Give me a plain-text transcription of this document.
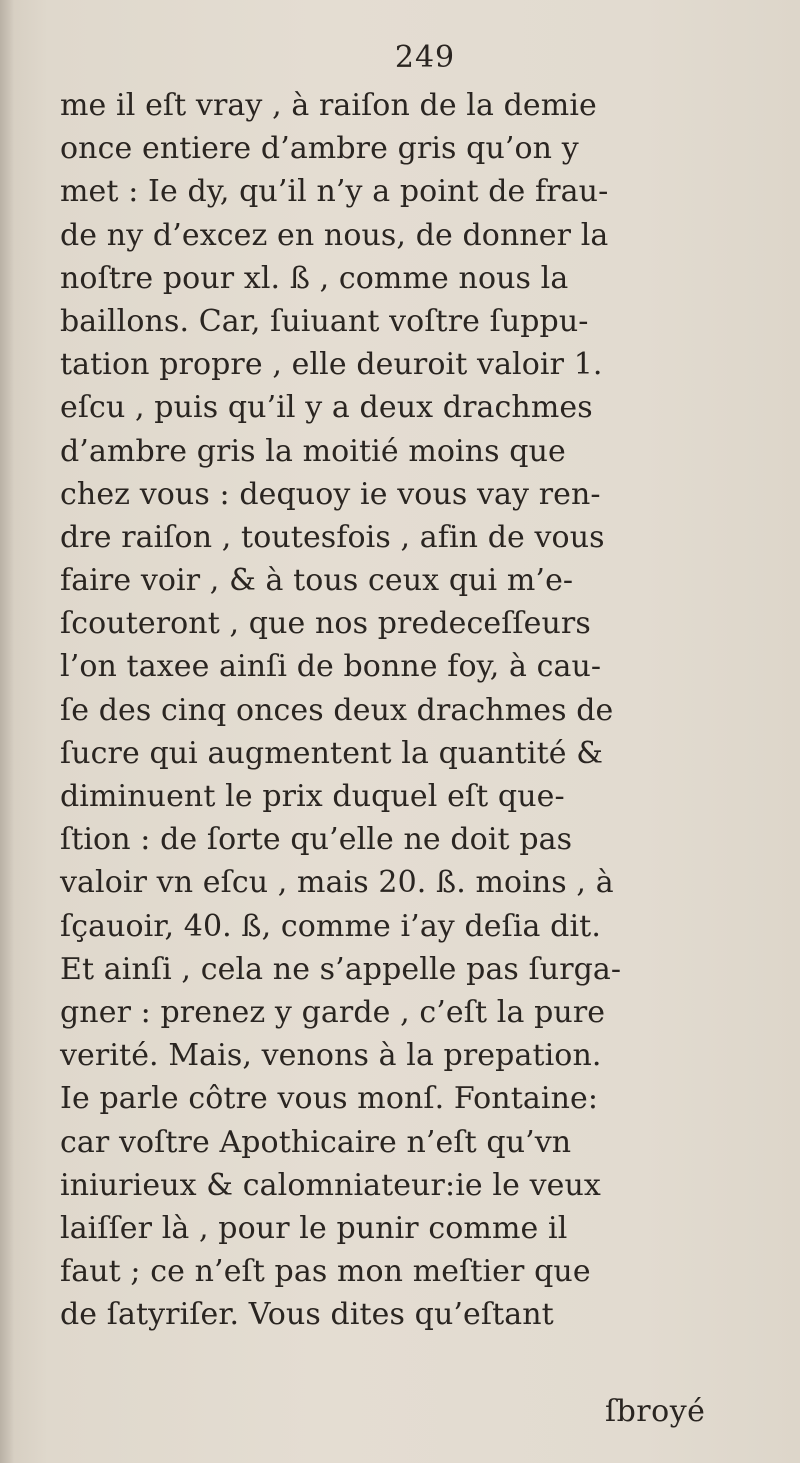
249
me il eſt vray , à raiſon de la demie
once entiere d’ambre gris qu’on y
met : Ie dy, qu’il n’y a point de frau-
de ny d’excez en nous, de donner la
noſtre pour xl. ß , comme nous la
baillons. Car, ſuiuant voſtre ſuppu-
tation propre , elle deuroit valoir 1.
eſcu , puis qu’il y a deux drachmes
d’ambre gris la moitié moins que
chez vous : dequoy ie vous vay ren-
dre raiſon , toutesfois , afin de vous
faire voir , & à tous ceux qui m’e-
ſcouteront , que nos predeceſſeurs
l’on taxee ainſi de bonne foy, à cau-
ſe des cinq onces deux drachmes de
ſucre qui augmentent la quantité &
diminuent le prix duquel eſt que-
ſtion : de ſorte qu’elle ne doit pas
valoir vn eſcu , mais 20. ß. moins , à
ſçauoir, 40. ß, comme i’ay deſia dit.
Et ainſi , cela ne s’appelle pas ſurga-
gner : prenez y garde , c’eſt la pure
verité. Mais, venons à la prepation.
Ie parle côtre vous monſ. Fontaine:
car voſtre Apothicaire n’eſt qu’vn
iniurieux & calomniateur:ie le veux
laiſſer là , pour le punir comme il
faut ; ce n’eſt pas mon meſtier que
de ſatyriſer. Vous dites qu’eſtant
ſbroyé
